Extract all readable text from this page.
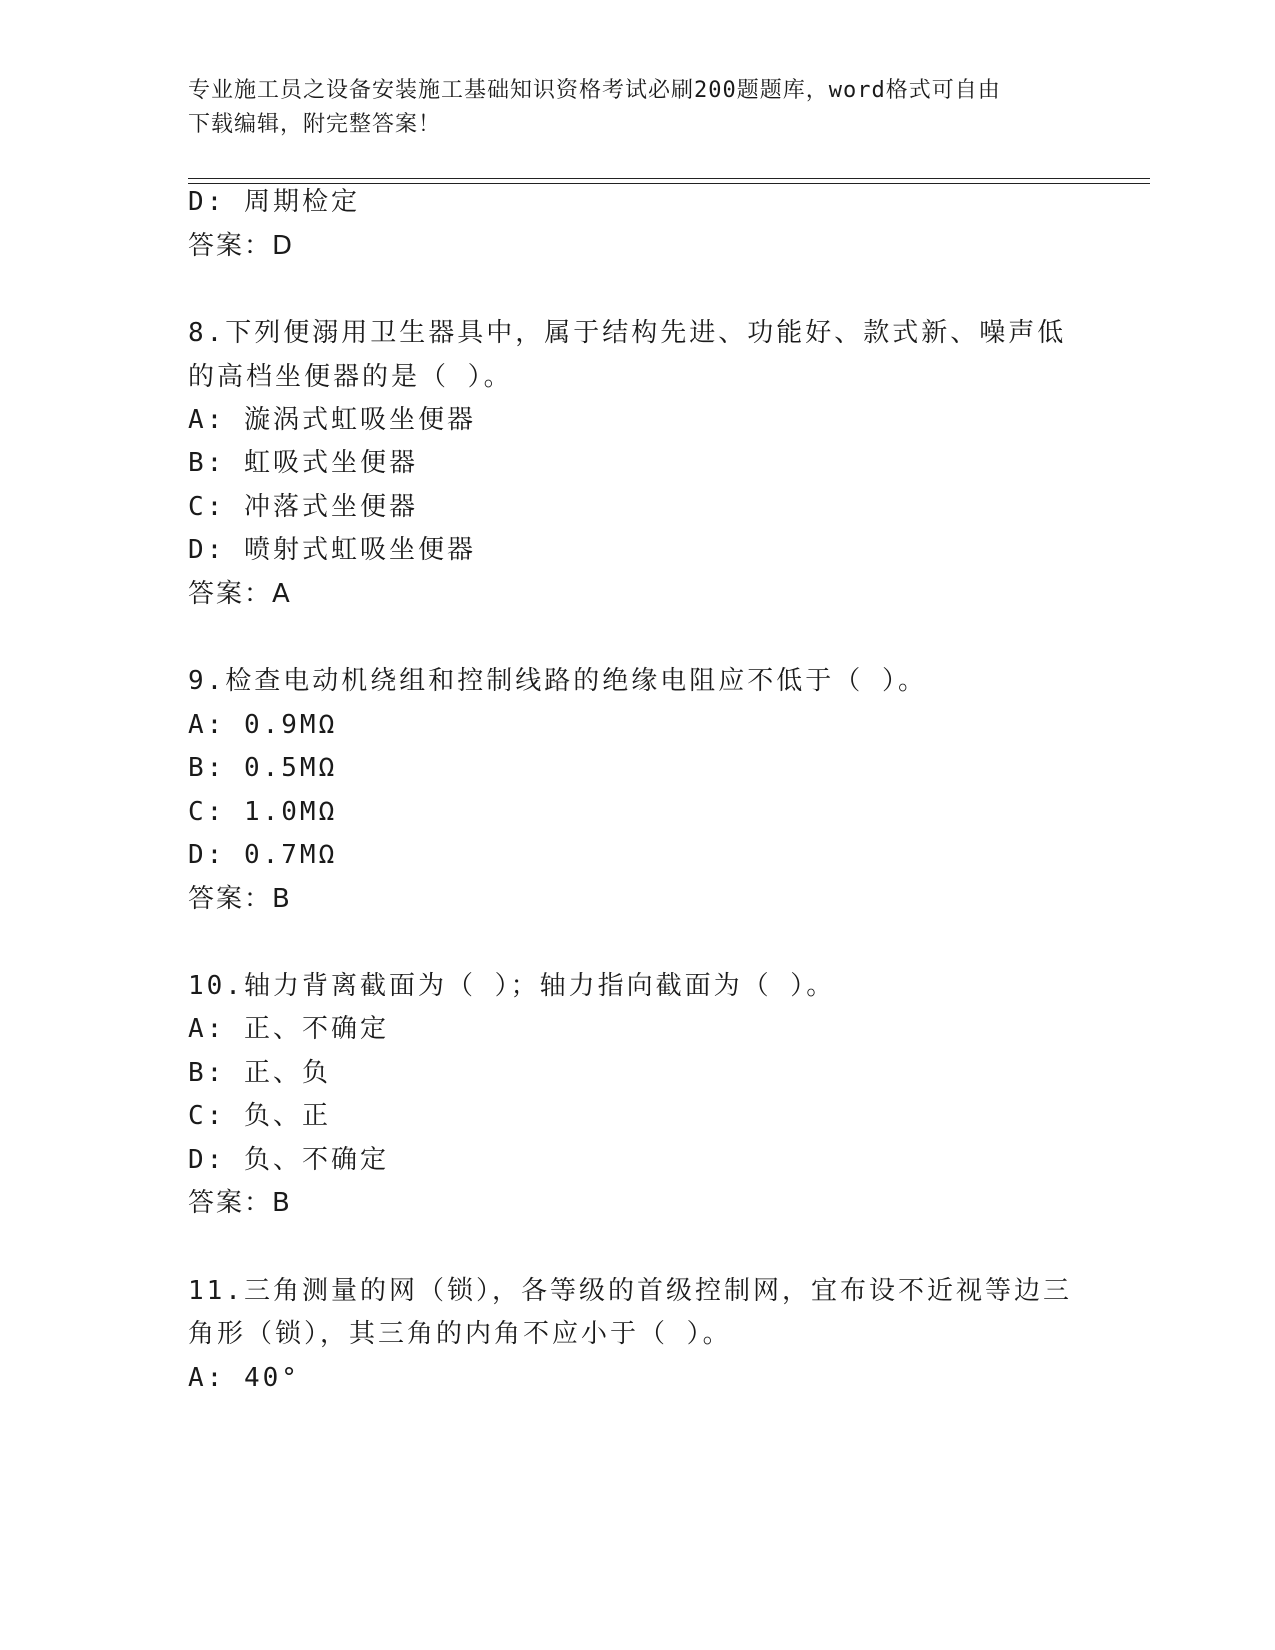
专业施工员之设备安装施工基础知识资格考试必刷200题题库，word格式可自由
下载编辑，附完整答案！
D: 周期检定
答案：D
8.下列便溺用卫生器具中，属于结构先进、功能好、款式新、噪声低
的高档坐便器的是（ ）。
A: 漩涡式虹吸坐便器
B: 虹吸式坐便器
C: 冲落式坐便器
D: 喷射式虹吸坐便器
答案：A
9.检查电动机绕组和控制线路的绝缘电阻应不低于（ ）。
A: 0.9MΩ
B: 0.5MΩ
C: 1.0MΩ
D: 0.7MΩ
答案：B
10.轴力背离截面为（ ）；轴力指向截面为（ ）。
A: 正、不确定
B: 正、负
C: 负、正
D: 负、不确定
答案：B
11.三角测量的网（锁），各等级的首级控制网，宜布设不近视等边三
角形（锁），其三角的内角不应小于（ ）。
A: 40°
